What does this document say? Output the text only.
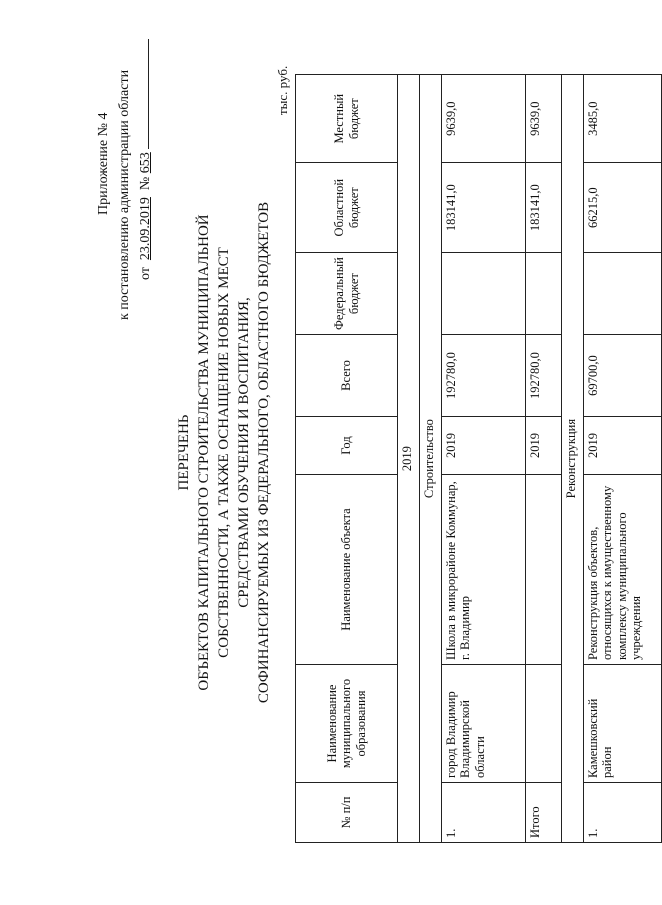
Приложение № 4 к постановлению администрации области от  23.09.2019  № 653
ПЕРЕЧЕНЬ ОБЪЕКТОВ КАПИТАЛЬНОГО СТРОИТЕЛЬСТВА МУНИЦИПАЛЬНОЙ СОБСТВЕННОСТИ, А ТАКЖЕ ОСНАЩЕНИЕ НОВЫХ МЕСТ СРЕДСТВАМИ ОБУЧЕНИЯ И ВОСПИТАНИЯ, СОФИНАНСИРУЕМЫХ ИЗ ФЕДЕРАЛЬНОГО, ОБЛАСТНОГО БЮДЖЕТОВ
тыс. руб.
№ п/п	Наименование муниципального образования	Наименование объекта	Год	Всего	Федеральный бюджет	Областной бюджет	Местный бюджет
2019							
Строительство							
1.	город Владимир Владимирской области	Школа в микрорайоне Коммунар, г. Владимир	2019	192780,0		183141,0	9639,0
Итого			2019	192780,0		183141,0	9639,0
Реконструкция							
1.	Камешковский район	Реконструкция объектов, относящихся к имущественному комплексу муниципального учреждения	2019	69700,0		66215,0	3485,0
